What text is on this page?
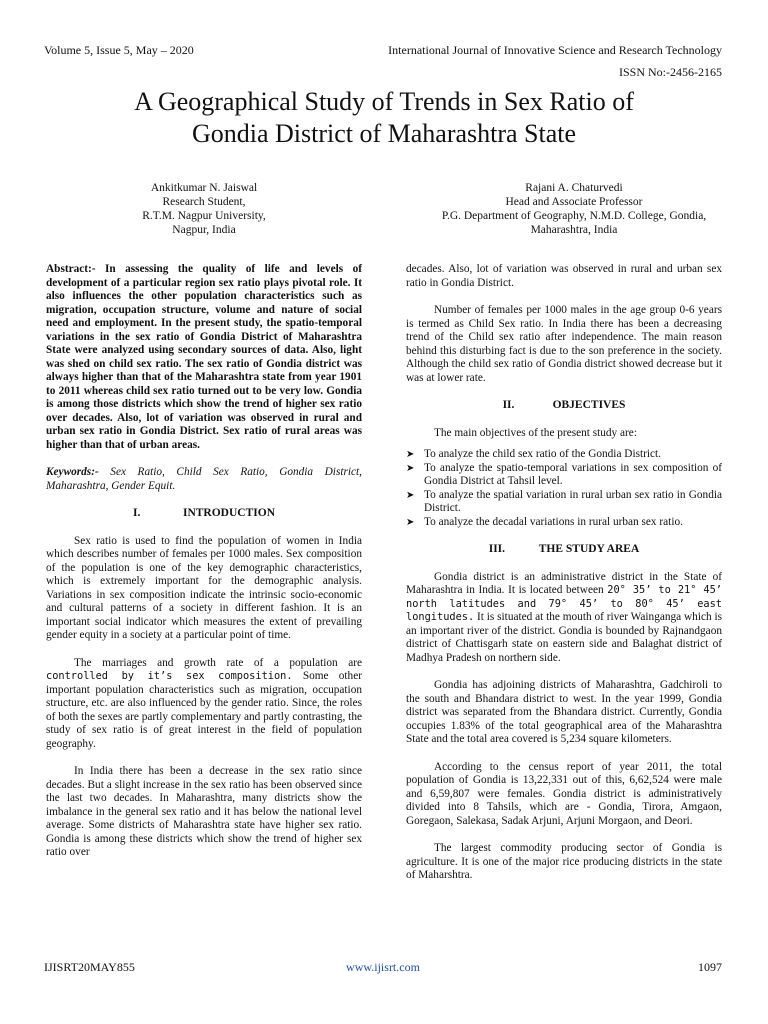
Volume 5, Issue 5, May – 2020	International Journal of Innovative Science and Research Technology
ISSN No:-2456-2165
A Geographical Study of Trends in Sex Ratio of
Gondia District of Maharashtra State
Ankitkumar N. Jaiswal
Research Student,
R.T.M. Nagpur University,
Nagpur, India
Rajani A. Chaturvedi
Head and Associate Professor
P.G. Department of Geography, N.M.D. College, Gondia,
Maharashtra, India

Abstract:- In assessing the quality of life and levels of development of a particular region sex ratio plays pivotal role. It also influences the other population characteristics such as migration, occupation structure, volume and nature of social need and employment. In the present study, the spatio-temporal variations in the sex ratio of Gondia District of Maharashtra State were analyzed using secondary sources of data. Also, light was shed on child sex ratio. The sex ratio of Gondia district was always higher than that of the Maharashtra state from year 1901 to 2011 whereas child sex ratio turned out to be very low. Gondia is among those districts which show the trend of higher sex ratio over decades. Also, lot of variation was observed in rural and urban sex ratio in Gondia District. Sex ratio of rural areas was higher than that of urban areas.

Keywords:- Sex Ratio, Child Sex Ratio, Gondia District, Maharashtra, Gender Equit.

I.	INTRODUCTION

Sex ratio is used to find the population of women in India which describes number of females per 1000 males. Sex composition of the population is one of the key demographic characteristics, which is extremely important for the demographic analysis. Variations in sex composition indicate the intrinsic socio-economic and cultural patterns of a society in different fashion. It is an important social indicator which measures the extent of prevailing gender equity in a society at a particular point of time.

The marriages and growth rate of a population are controlled by it’s sex composition. Some other important population characteristics such as migration, occupation structure, etc. are also influenced by the gender ratio. Since, the roles of both the sexes are partly complementary and partly contrasting, the study of sex ratio is of great interest in the field of population geography.

In India there has been a decrease in the sex ratio since decades. But a slight increase in the sex ratio has been observed since the last two decades. In Maharashtra, many districts show the imbalance in the general sex ratio and it has below the national level average. Some districts of Maharashtra state have higher sex ratio. Gondia is among these districts which show the trend of higher sex ratio over

decades. Also, lot of variation was observed in rural and urban sex ratio in Gondia District.

Number of females per 1000 males in the age group 0-6 years is termed as Child Sex ratio. In India there has been a decreasing trend of the Child sex ratio after independence. The main reason behind this disturbing fact is due to the son preference in the society. Although the child sex ratio of Gondia district showed decrease but it was at lower rate.

II.	OBJECTIVES

The main objectives of the present study are:

➤ To analyze the child sex ratio of the Gondia District.
➤ To analyze the spatio-temporal variations in sex composition of Gondia District at Tahsil level.
➤ To analyze the spatial variation in rural urban sex ratio in Gondia District.
➤ To analyze the decadal variations in rural urban sex ratio.
III.	THE STUDY AREA

Gondia district is an administrative district in the State of Maharashtra in India. It is located between 20° 35’ to 21° 45’ north latitudes and 79° 45’ to 80° 45’ east longitudes. It is situated at the mouth of river Wainganga which is an important river of the district. Gondia is bounded by Rajnandgaon district of Chattisgarh state on eastern side and Balaghat district of Madhya Pradesh on northern side.

Gondia has adjoining districts of Maharashtra, Gadchiroli to the south and Bhandara district to west. In the year 1999, Gondia district was separated from the Bhandara district. Currently, Gondia occupies 1.83% of the total geographical area of the Maharashtra State and the total area covered is 5,234 square kilometers.

According to the census report of year 2011, the total population of Gondia is 13,22,331 out of this, 6,62,524 were male and 6,59,807 were females. Gondia district is administratively divided into 8 Tahsils, which are - Gondia, Tirora, Amgaon, Goregaon, Salekasa, Sadak Arjuni, Arjuni Morgaon, and Deori.

The largest commodity producing sector of Gondia is agriculture. It is one of the major rice producing districts in the state of Maharshtra.

IJISRT20MAY855	www.ijisrt.com	1097
